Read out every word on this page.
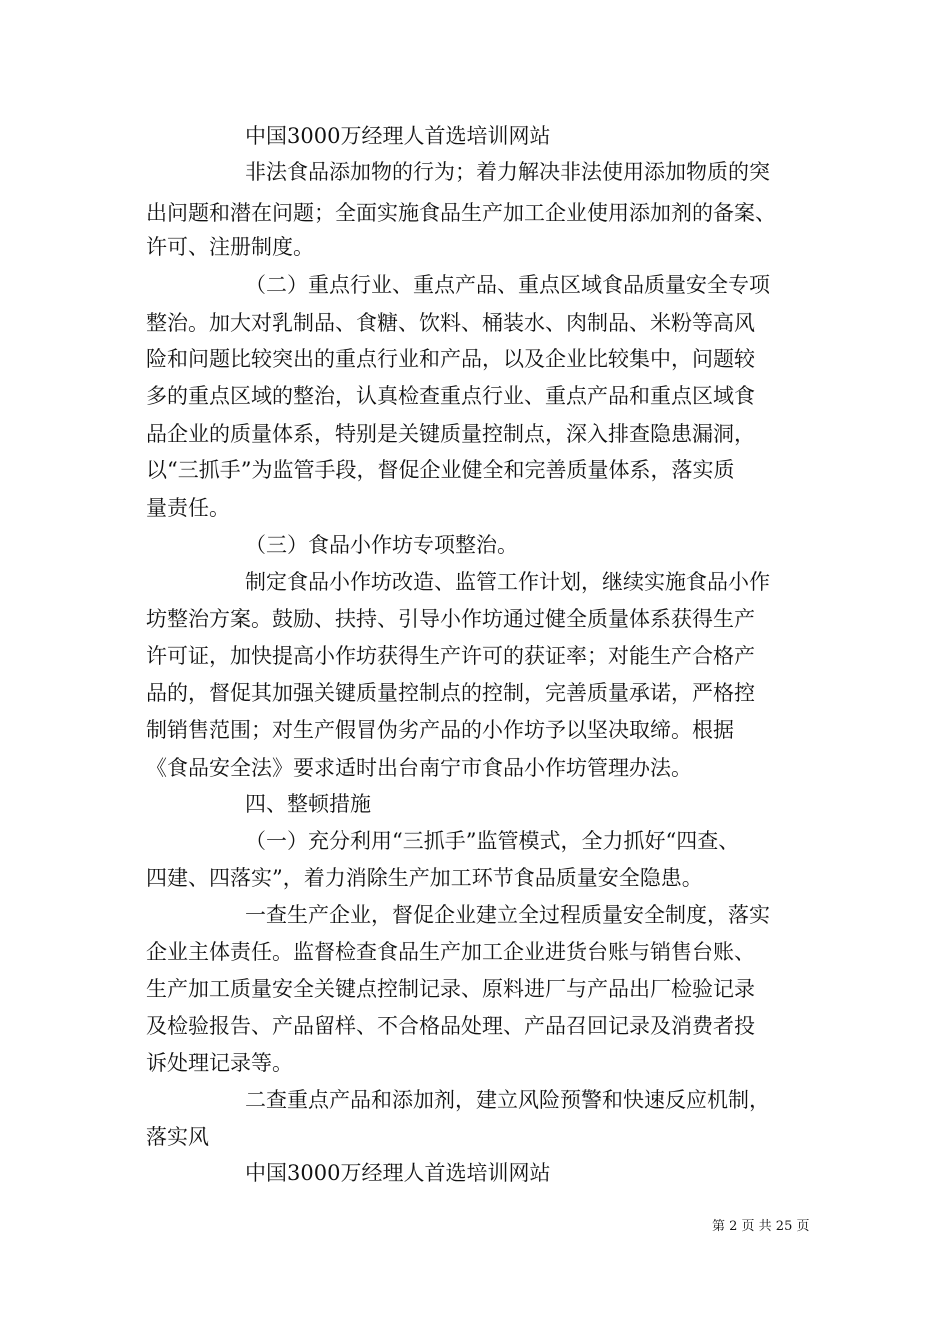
中国3000万经理人首选培训网站

非法食品添加物的行为；着力解决非法使用添加物质的突

出问题和潜在问题；全面实施食品生产加工企业使用添加剂的备案、

许可、注册制度。

（二）重点行业、重点产品、重点区域食品质量安全专项

整治。加大对乳制品、食糖、饮料、桶装水、肉制品、米粉等高风

险和问题比较突出的重点行业和产品，以及企业比较集中，问题较

多的重点区域的整治，认真检查重点行业、重点产品和重点区域食

品企业的质量体系，特别是关键质量控制点，深入排查隐患漏洞，

以“三抓手”为监管手段，督促企业健全和完善质量体系，落实质

量责任。

（三）食品小作坊专项整治。

制定食品小作坊改造、监管工作计划，继续实施食品小作

坊整治方案。鼓励、扶持、引导小作坊通过健全质量体系获得生产

许可证，加快提高小作坊获得生产许可的获证率；对能生产合格产

品的，督促其加强关键质量控制点的控制，完善质量承诺，严格控

制销售范围；对生产假冒伪劣产品的小作坊予以坚决取缔。根据

《食品安全法》要求适时出台南宁市食品小作坊管理办法。

四、整顿措施

（一）充分利用“三抓手”监管模式，全力抓好“四查、

四建、四落实”，着力消除生产加工环节食品质量安全隐患。

一查生产企业，督促企业建立全过程质量安全制度，落实

企业主体责任。监督检查食品生产加工企业进货台账与销售台账、

生产加工质量安全关键点控制记录、原料进厂与产品出厂检验记录

及检验报告、产品留样、不合格品处理、产品召回记录及消费者投

诉处理记录等。

二查重点产品和添加剂，建立风险预警和快速反应机制，

落实风

中国3000万经理人首选培训网站

第 2 页 共 25 页
